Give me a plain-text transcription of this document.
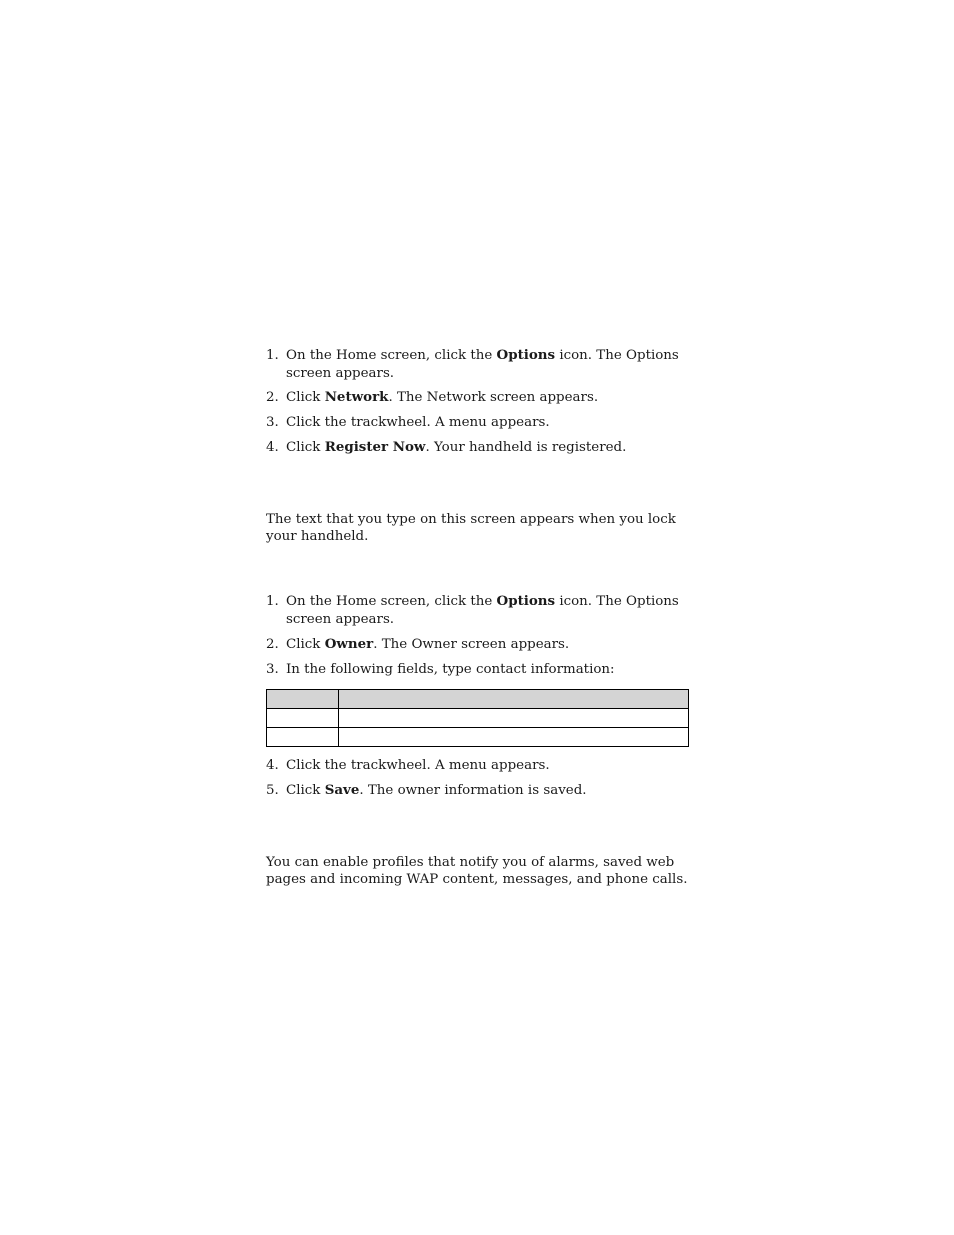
1. On the Home screen, click the Options icon. The Options screen appears.
2. Click Network. The Network screen appears.
3. Click the trackwheel. A menu appears.
4. Click Register Now. Your handheld is registered.
The text that you type on this screen appears when you lock your handheld.
1. On the Home screen, click the Options icon. The Options screen appears.
2. Click Owner. The Owner screen appears.
3. In the following fields, type contact information:

4. Click the trackwheel. A menu appears.
5. Click Save. The owner information is saved.
You can enable profiles that notify you of alarms, saved web pages and incoming WAP content, messages, and phone calls.
